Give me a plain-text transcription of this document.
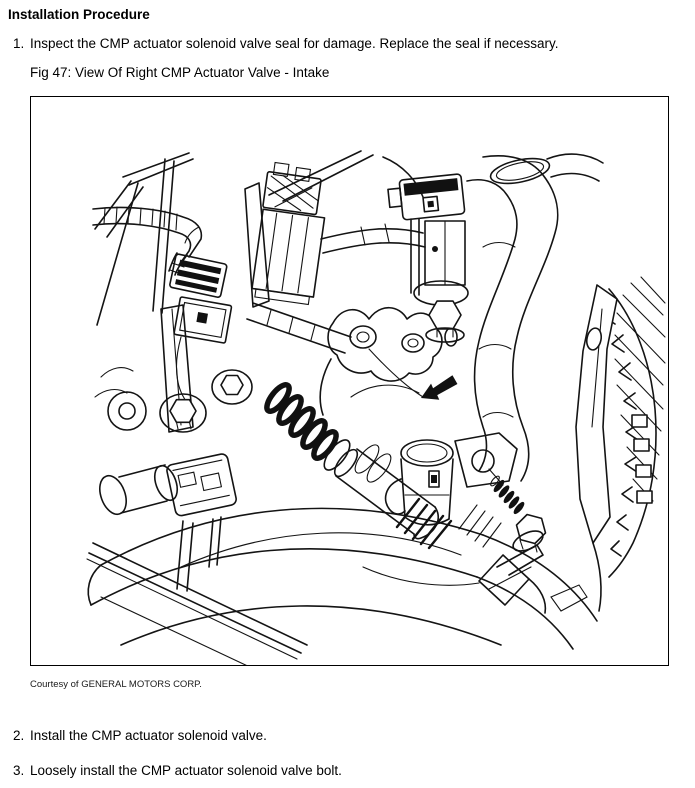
Installation Procedure
1. Inspect the CMP actuator solenoid valve seal for damage. Replace the seal if necessary.
Fig 47: View Of Right CMP Actuator Valve - Intake
Courtesy of GENERAL MOTORS CORP.
2. Install the CMP actuator solenoid valve.
3. Loosely install the CMP actuator solenoid valve bolt.
